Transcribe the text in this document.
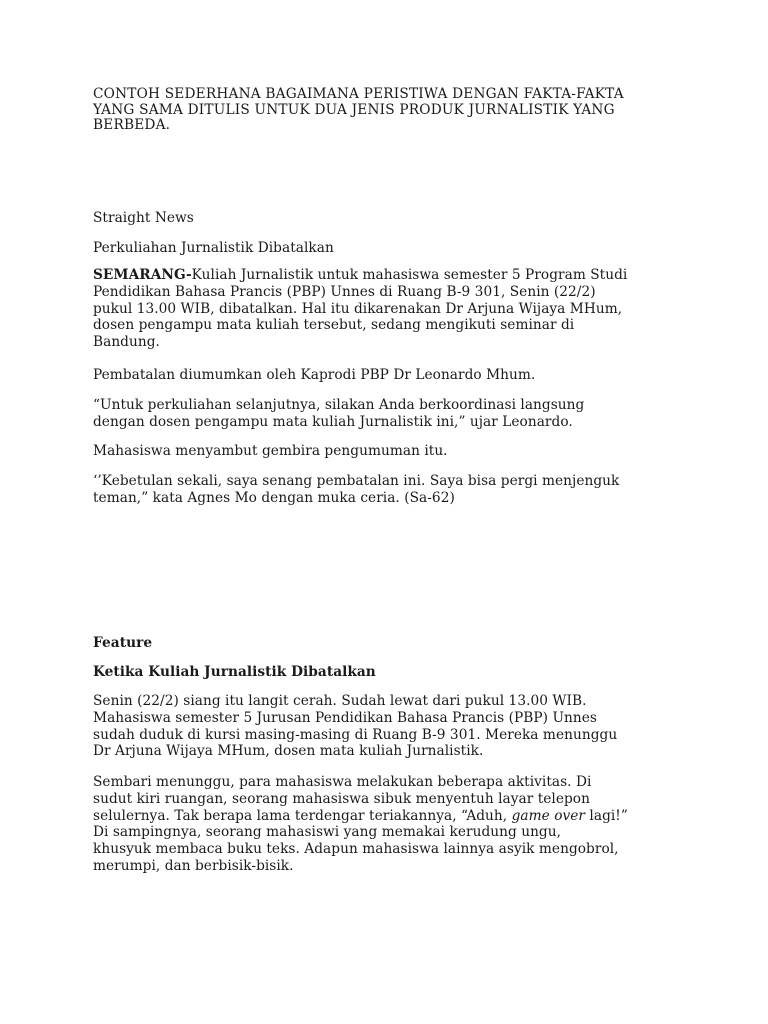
CONTOH SEDERHANA BAGAIMANA PERISTIWA DENGAN FAKTA-FAKTA
YANG SAMA DITULIS UNTUK DUA JENIS PRODUK JURNALISTIK YANG
BERBEDA.

Straight News

Perkuliahan Jurnalistik Dibatalkan

SEMARANG-Kuliah Jurnalistik untuk mahasiswa semester 5 Program Studi
Pendidikan Bahasa Prancis (PBP) Unnes di Ruang B-9 301, Senin (22/2)
pukul 13.00 WIB, dibatalkan. Hal itu dikarenakan Dr Arjuna Wijaya MHum,
dosen pengampu mata kuliah tersebut, sedang mengikuti seminar di
Bandung.

Pembatalan diumumkan oleh Kaprodi PBP Dr Leonardo Mhum.

“Untuk perkuliahan selanjutnya, silakan Anda berkoordinasi langsung
dengan dosen pengampu mata kuliah Jurnalistik ini,” ujar Leonardo.

Mahasiswa menyambut gembira pengumuman itu.

‘’Kebetulan sekali, saya senang pembatalan ini. Saya bisa pergi menjenguk
teman,” kata Agnes Mo dengan muka ceria. (Sa-62)

Feature

Ketika Kuliah Jurnalistik Dibatalkan

Senin (22/2) siang itu langit cerah. Sudah lewat dari pukul 13.00 WIB.
Mahasiswa semester 5 Jurusan Pendidikan Bahasa Prancis (PBP) Unnes
sudah duduk di kursi masing-masing di Ruang B-9 301. Mereka menunggu
Dr Arjuna Wijaya MHum, dosen mata kuliah Jurnalistik.

Sembari menunggu, para mahasiswa melakukan beberapa aktivitas. Di
sudut kiri ruangan, seorang mahasiswa sibuk menyentuh layar telepon
selulernya. Tak berapa lama terdengar teriakannya, “Aduh, game over lagi!”
Di sampingnya, seorang mahasiswi yang memakai kerudung ungu,
khusyuk membaca buku teks. Adapun mahasiswa lainnya asyik mengobrol,
merumpi, dan berbisik-bisik.
